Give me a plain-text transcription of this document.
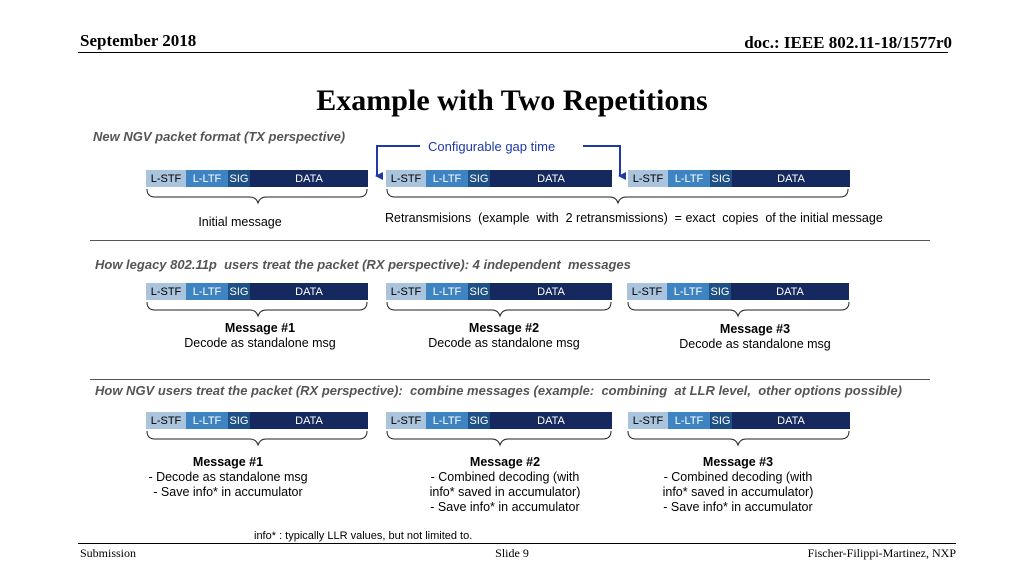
September 2018	doc.: IEEE 802.11-18/1577r0
Example with Two Repetitions
New NGV packet format (TX perspective)
Configurable gap time
L-STF	L-LTF SIG	DATA	L-STF	L-LTF SIG	DATA	L-STF	L-LTF SIG	DATA
Initial message	Retransmisions  (example  with  2 retransmissions)  = exact  copies  of the initial message
How legacy 802.11p  users treat the packet (RX perspective): 4 independent  messages
L-STF	L-LTF SIG	DATA	L-STF	L-LTF SIG	DATA	L-STF	L-LTF SIG	DATA
Message #1
Decode as standalone msg
Message #2
Decode as standalone msg
Message #3
Decode as standalone msg
How NGV users treat the packet (RX perspective):  combine messages (example:  combining  at LLR level,  other options possible)
L-STF	L-LTF SIG	DATA	L-STF	L-LTF SIG	DATA	L-STF	L-LTF SIG	DATA
Message #1
- Decode as standalone msg
- Save info* in accumulator
Message #2
- Combined decoding (with
info* saved in accumulator)
- Save info* in accumulator
Message #3
- Combined decoding (with
info* saved in accumulator)
- Save info* in accumulator
info* : typically LLR values, but not limited to.
Submission	Slide 9	Fischer-Filippi-Martinez, NXP
